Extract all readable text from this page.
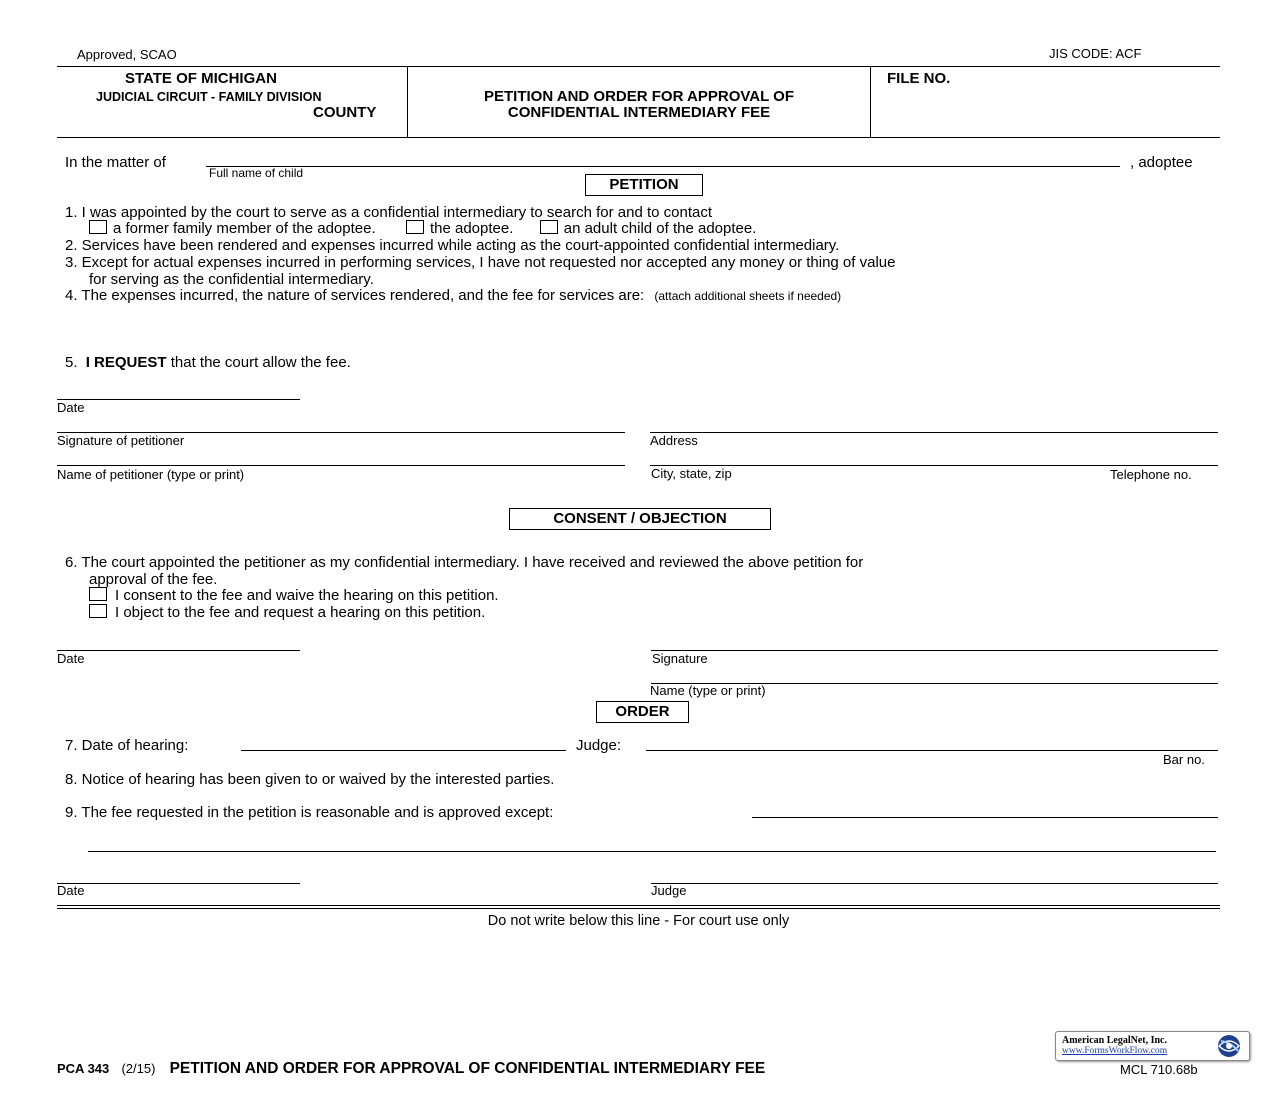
Approved, SCAO	JIS CODE: ACF
STATE OF MICHIGAN
JUDICIAL CIRCUIT - FAMILY DIVISION
COUNTY
PETITION AND ORDER FOR APPROVAL OF
CONFIDENTIAL INTERMEDIARY FEE
FILE NO.
In the matter of
Full name of child
, adoptee
PETITION
1. I was appointed by the court to serve as a confidential intermediary to search for and to contact
a former family member of the adoptee.	the adoptee.	an adult child of the adoptee.
2. Services have been rendered and expenses incurred while acting as the court-appointed confidential intermediary.
3. Except for actual expenses incurred in performing services, I have not requested nor accepted any money or thing of value
for serving as the confidential intermediary.
4. The expenses incurred, the nature of services rendered, and the fee for services are: (attach additional sheets if needed)
5. I REQUEST that the court allow the fee.
Date
Signature of petitioner	Address
Name of petitioner (type or print)	City, state, zip	Telephone no.
CONSENT / OBJECTION
6. The court appointed the petitioner as my confidential intermediary. I have received and reviewed the above petition for
approval of the fee.
I consent to the fee and waive the hearing on this petition.
I object to the fee and request a hearing on this petition.
Date	Signature
Name (type or print)
ORDER
7. Date of hearing:	Judge:
Bar no.
8. Notice of hearing has been given to or waived by the interested parties.
9. The fee requested in the petition is reasonable and is approved except:
Date	Judge
Do not write below this line - For court use only
PCA 343 (2/15) PETITION AND ORDER FOR APPROVAL OF CONFIDENTIAL INTERMEDIARY FEE	MCL 710.68b
American LegalNet, Inc.
www.FormsWorkFlow.com
